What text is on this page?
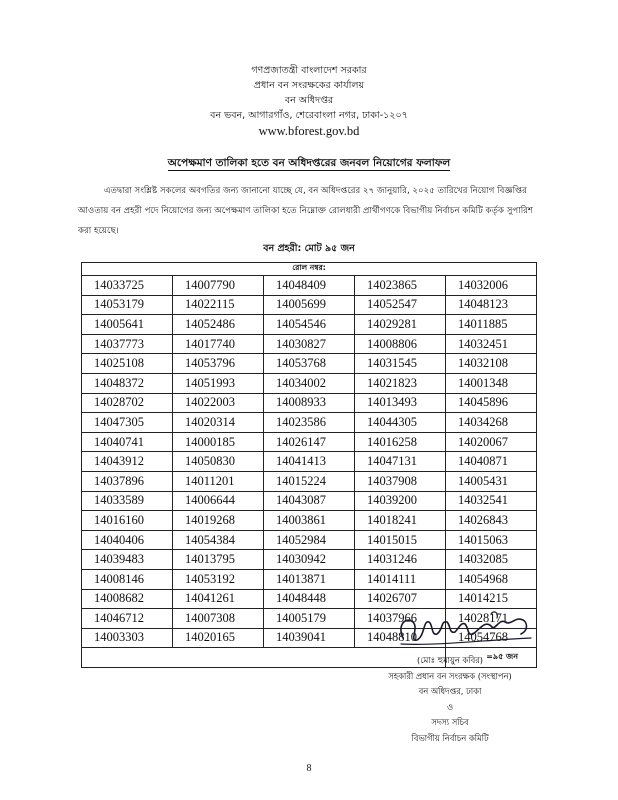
গণপ্রজাতন্ত্রী বাংলাদেশ সরকার
প্রধান বন সংরক্ষকের কার্যালয়
বন অধিদপ্তর
বন ভবন, আগারগাঁও, শেরেবাংলা নগর, ঢাকা-১২০৭
www.bforest.gov.bd
অপেক্ষমাণ তালিকা হতে বন অধিদপ্তরের জনবল নিয়োগের ফলাফল
এতদ্বারা সংশ্লিষ্ট সকলের অবগতির জন্য জানানো যাচ্ছে যে, বন অধিদপ্তরের ২৭ জানুয়ারি, ২০২৫ তারিখের নিয়োগ বিজ্ঞপ্তির আওতায় বন প্রহরী পদে নিয়োগের জন্য অপেক্ষমাণ তালিকা হতে নিম্নোক্ত রোলধারী প্রার্থীগণকে বিভাগীয় নির্বাচন কমিটি কর্তৃক সুপারিশ করা হয়েছে।
বন প্রহরী: মোট ৯৫ জন
রোল নম্বর:				
14033725	14007790	14048409	14023865	14032006
14053179	14022115	14005699	14052547	14048123
14005641	14052486	14054546	14029281	14011885
14037773	14017740	14030827	14008806	14032451
14025108	14053796	14053768	14031545	14032108
14048372	14051993	14034002	14021823	14001348
14028702	14022003	14008933	14013493	14045896
14047305	14020314	14023586	14044305	14034268
14040741	14000185	14026147	14016258	14020067
14043912	14050830	14041413	14047131	14040871
14037896	14011201	14015224	14037908	14005431
14033589	14006644	14043087	14039200	14032541
14016160	14019268	14003861	14018241	14026843
14040406	14054384	14052984	14015015	14015063
14039483	14013795	14030942	14031246	14032085
14008146	14053192	14013871	14014111	14054968
14008682	14041261	14048448	14026707	14014215
14046712	14007308	14005179	14037966	14028171
14003303	14020165	14039041	14048810	14054768
				=৯৫ জন
(মোঃ হুমায়ুন কবির)
সহকারী প্রধান বন সংরক্ষক (সংস্থাপন)
বন অধিদপ্তর, ঢাকা
ও
সদস্য সচিব
বিভাগীয় নির্বাচন কমিটি
8
